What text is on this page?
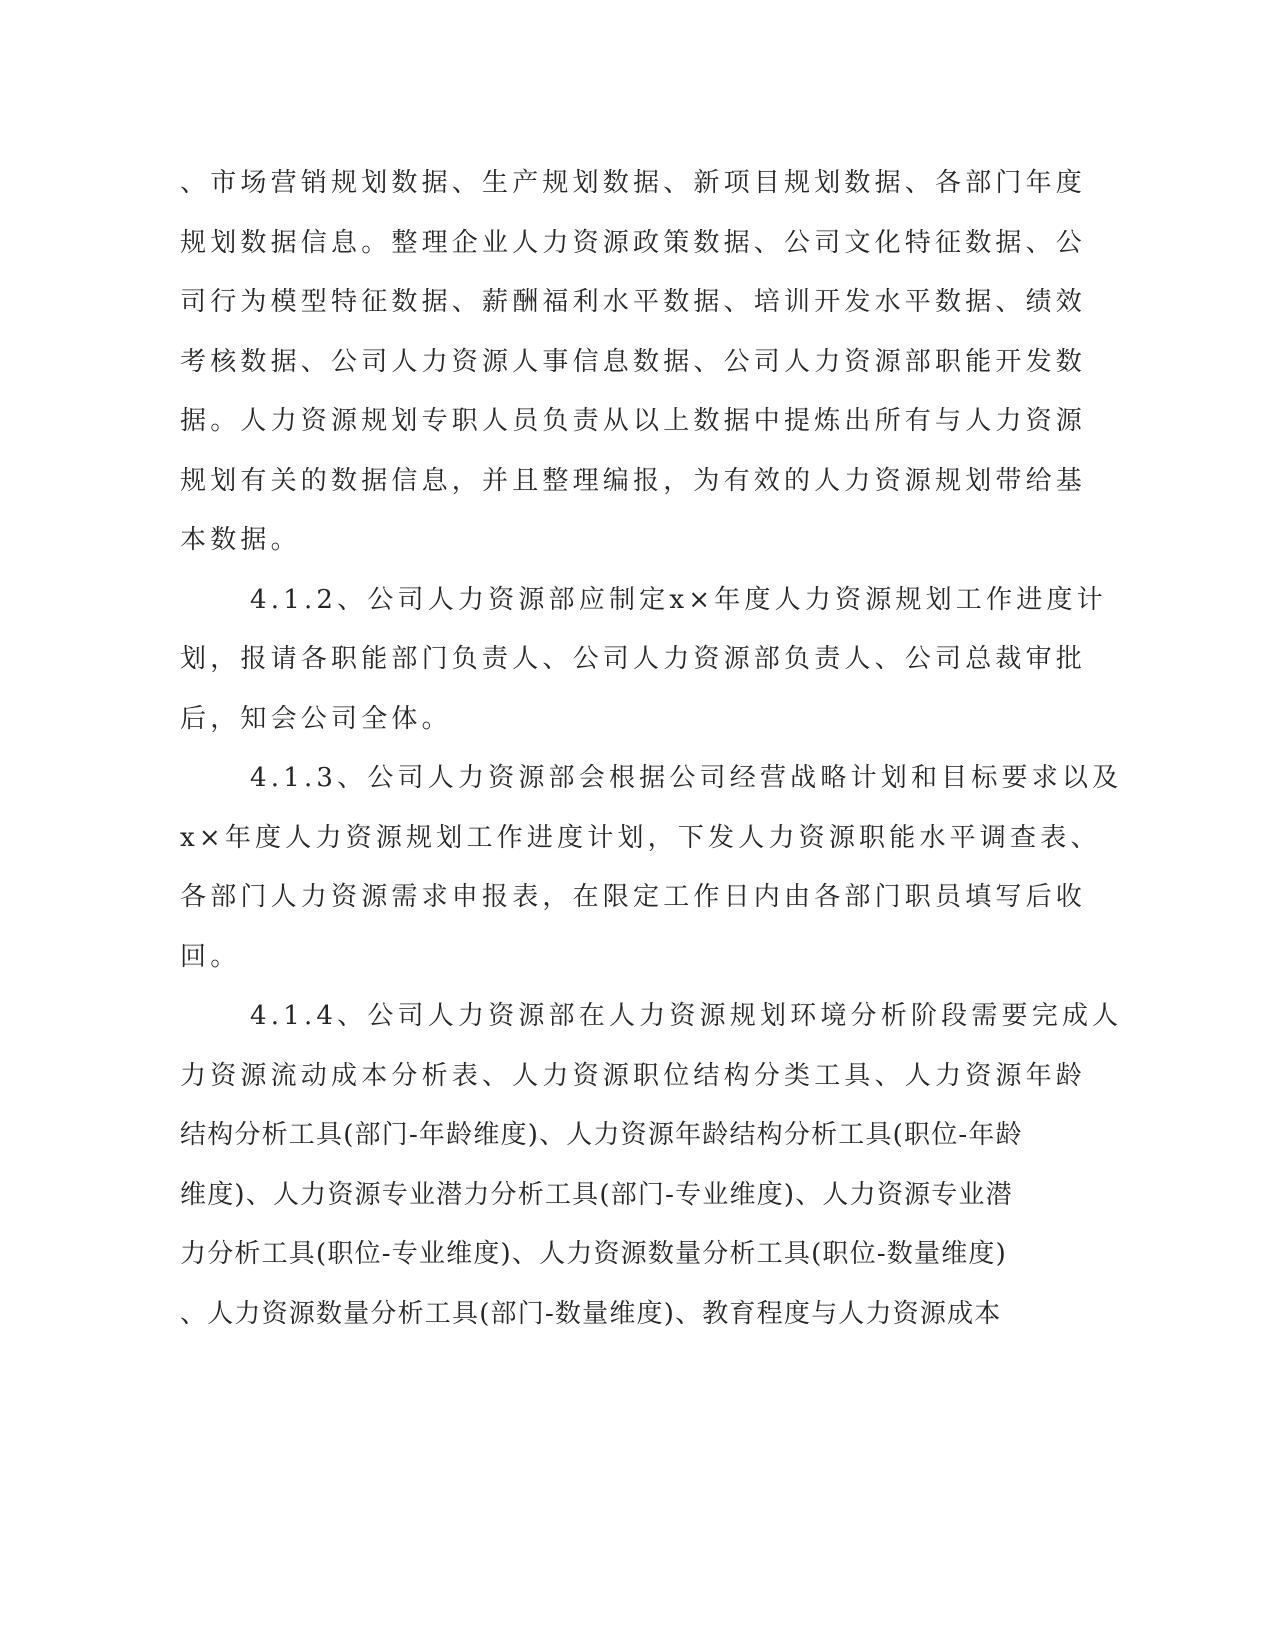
、市场营销规划数据、生产规划数据、新项目规划数据、各部门年度
规划数据信息。整理企业人力资源政策数据、公司文化特征数据、公
司行为模型特征数据、薪酬福利水平数据、培训开发水平数据、绩效
考核数据、公司人力资源人事信息数据、公司人力资源部职能开发数
据。人力资源规划专职人员负责从以上数据中提炼出所有与人力资源
规划有关的数据信息，并且整理编报，为有效的人力资源规划带给基
本数据。
4.1.2、公司人力资源部应制定x×年度人力资源规划工作进度计
划，报请各职能部门负责人、公司人力资源部负责人、公司总裁审批
后，知会公司全体。
4.1.3、公司人力资源部会根据公司经营战略计划和目标要求以及
x×年度人力资源规划工作进度计划，下发人力资源职能水平调查表、
各部门人力资源需求申报表，在限定工作日内由各部门职员填写后收
回。
4.1.4、公司人力资源部在人力资源规划环境分析阶段需要完成人
力资源流动成本分析表、人力资源职位结构分类工具、人力资源年龄
结构分析工具(部门-年龄维度)、人力资源年龄结构分析工具(职位-年龄
维度)、人力资源专业潜力分析工具(部门-专业维度)、人力资源专业潜
力分析工具(职位-专业维度)、人力资源数量分析工具(职位-数量维度)
、人力资源数量分析工具(部门-数量维度)、教育程度与人力资源成本
